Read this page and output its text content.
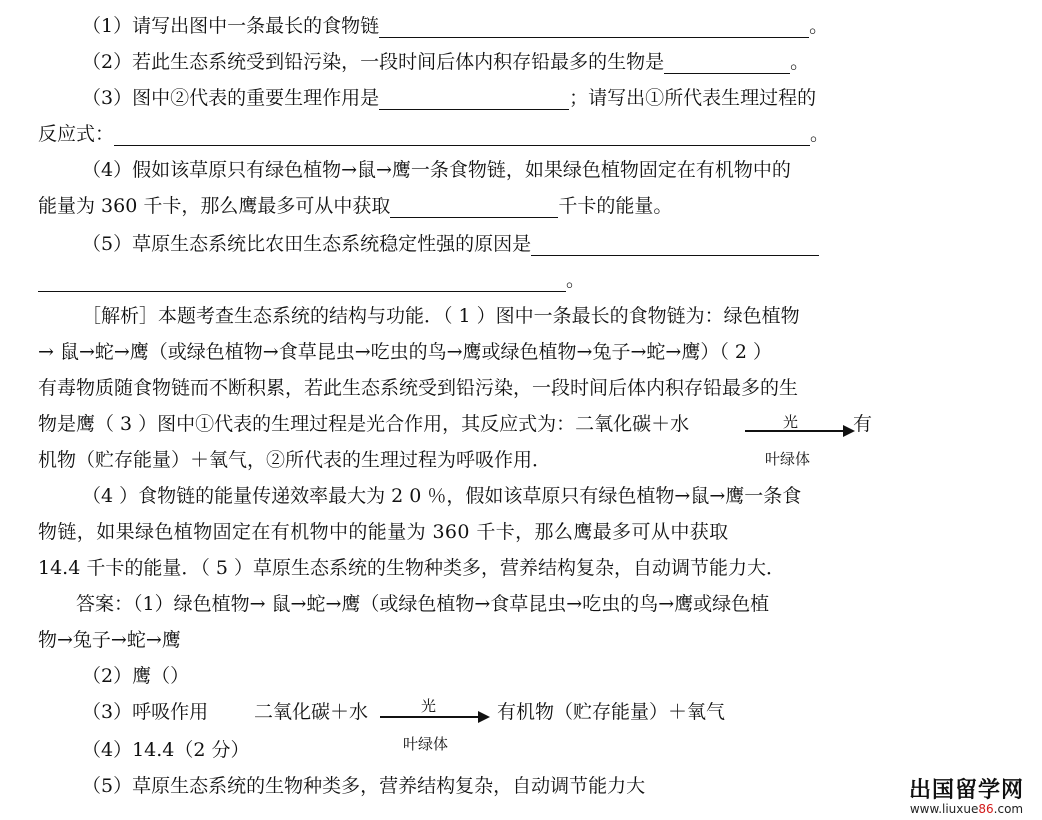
（1）请写出图中一条最长的食物链	。
（2）若此生态系统受到铅污染，一段时间后体内积存铅最多的生物是	。
（3）图中②代表的重要生理作用是	；请写出①所代表生理过程的
反应式：	。
（4）假如该草原只有绿色植物→鼠→鹰一条食物链，如果绿色植物固定在有机物中的
能量为 360 千卡，那么鹰最多可从中获取	千卡的能量。
（5）草原生态系统比农田生态系统稳定性强的原因是
。
［解析］本题考查生态系统的结构与功能．（ 1 ）图中一条最长的食物链为：绿色植物
→ 鼠→蛇→鹰（或绿色植物→食草昆虫→吃虫的鸟→鹰或绿色植物→兔子→蛇→鹰）（ 2 ）
有毒物质随食物链而不断积累，若此生态系统受到铅污染，一段时间后体内积存铅最多的生
物是鹰（ 3 ）图中①代表的生理过程是光合作用，其反应式为：二氧化碳＋水	光
叶绿体
有
机物（贮存能量）＋氧气，②所代表的生理过程为呼吸作用．
（4 ）食物链的能量传递效率最大为 2 0 ％，假如该草原只有绿色植物→鼠→鹰一条食
物链，如果绿色植物固定在有机物中的能量为 360 千卡，那么鹰最多可从中获取
14.4 千卡的能量．（ 5 ）草原生态系统的生物种类多，营养结构复杂，自动调节能力大．
答案：（1）绿色植物→ 鼠→蛇→鹰（或绿色植物→食草昆虫→吃虫的鸟→鹰或绿色植
物→兔子→蛇→鹰
（2）鹰（）
（3）呼吸作用 二氧化碳＋水	光
叶绿体
有机物（贮存能量）＋氧气
（4）14.4（2 分）
（5）草原生态系统的生物种类多，营养结构复杂，自动调节能力大	出国留学网
www.liuxue86.com
